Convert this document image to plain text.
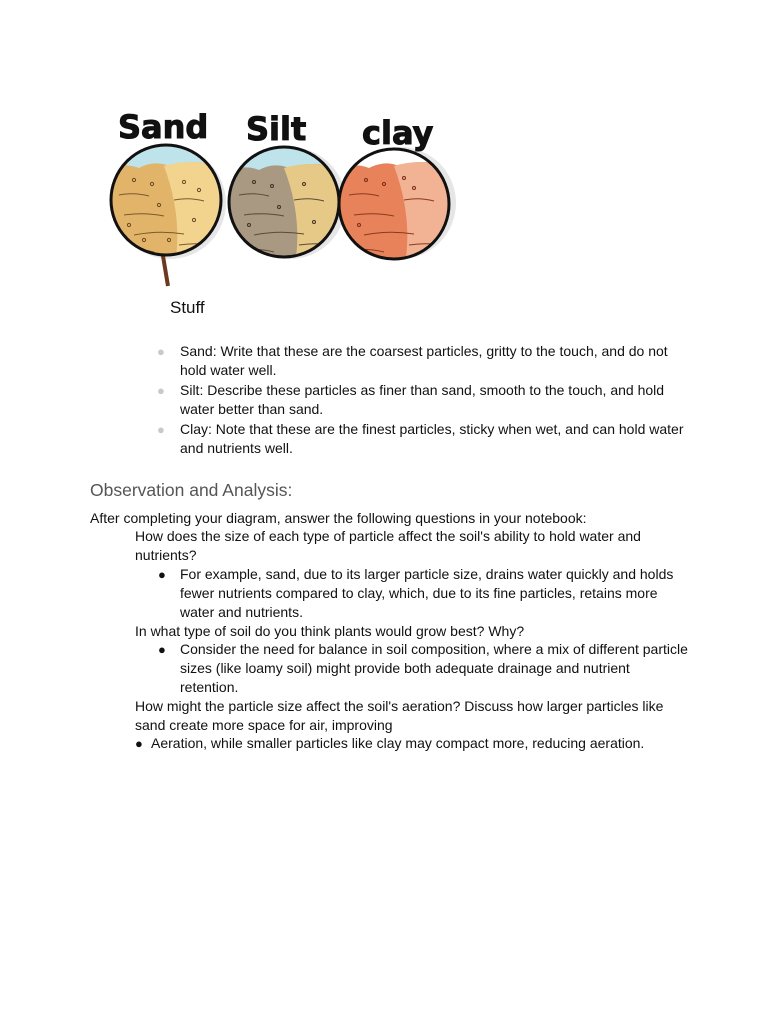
Sand Silt clay
Stuff
● Sand: Write that these are the coarsest particles, gritty to the touch, and do not hold water well.
● Silt: Describe these particles as finer than sand, smooth to the touch, and hold water better than sand.
● Clay: Note that these are the finest particles, sticky when wet, and can hold water and nutrients well.
Observation and Analysis:
After completing your diagram, answer the following questions in your notebook:
How does the size of each type of particle affect the soil's ability to hold water and nutrients?
● For example, sand, due to its larger particle size, drains water quickly and holds fewer nutrients compared to clay, which, due to its fine particles, retains more water and nutrients.
In what type of soil do you think plants would grow best? Why?
● Consider the need for balance in soil composition, where a mix of different particle sizes (like loamy soil) might provide both adequate drainage and nutrient retention.
How might the particle size affect the soil's aeration? Discuss how larger particles like sand create more space for air, improving
● Aeration, while smaller particles like clay may compact more, reducing aeration.
